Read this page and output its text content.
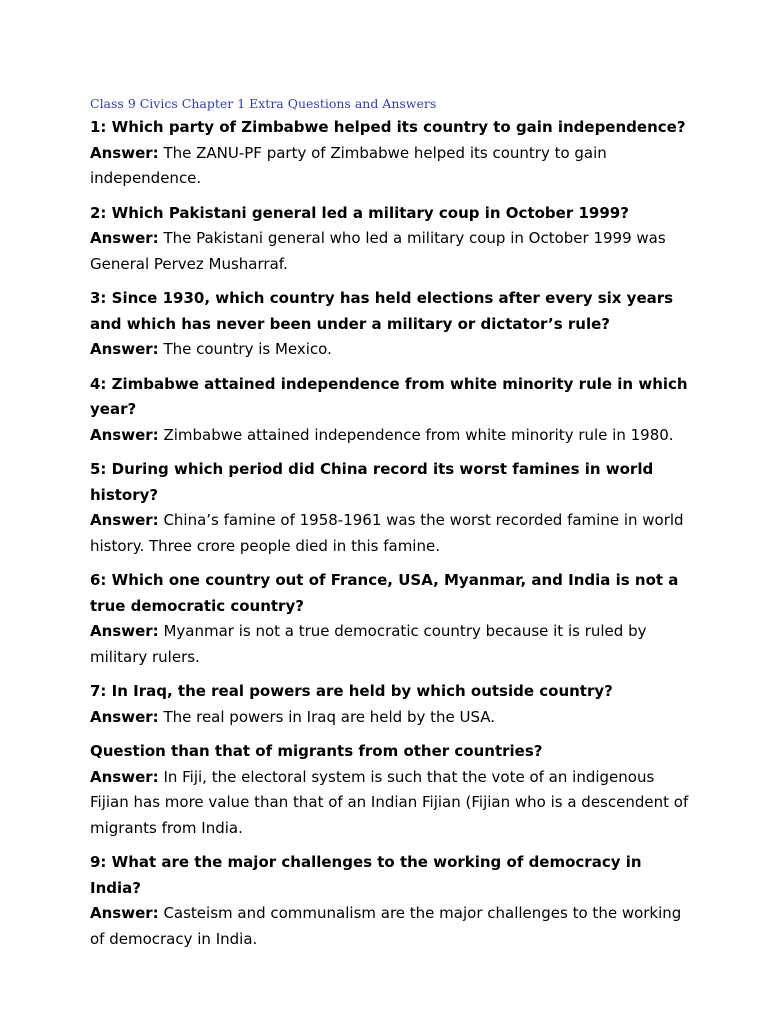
Class 9 Civics Chapter 1 Extra Questions and Answers

1: Which party of Zimbabwe helped its country to gain independence?

Answer: The ZANU-PF party of Zimbabwe helped its country to gain independence.

2: Which Pakistani general led a military coup in October 1999?

Answer: The Pakistani general who led a military coup in October 1999 was General Pervez Musharraf.

3: Since 1930, which country has held elections after every six years and which has never been under a military or dictator’s rule?

Answer: The country is Mexico.

4: Zimbabwe attained independence from white minority rule in which year?

Answer: Zimbabwe attained independence from white minority rule in 1980.

5: During which period did China record its worst famines in world history?

Answer: China’s famine of 1958-1961 was the worst recorded famine in world history. Three crore people died in this famine.

6: Which one country out of France, USA, Myanmar, and India is not a true democratic country?

Answer: Myanmar is not a true democratic country because it is ruled by military rulers.

7: In Iraq, the real powers are held by which outside country?

Answer: The real powers in Iraq are held by the USA.

Question than that of migrants from other countries?

Answer: In Fiji, the electoral system is such that the vote of an indigenous Fijian has more value than that of an Indian Fijian (Fijian who is a descendent of migrants from India.

9: What are the major challenges to the working of democracy in India?

Answer: Casteism and communalism are the major challenges to the working of democracy in India.
